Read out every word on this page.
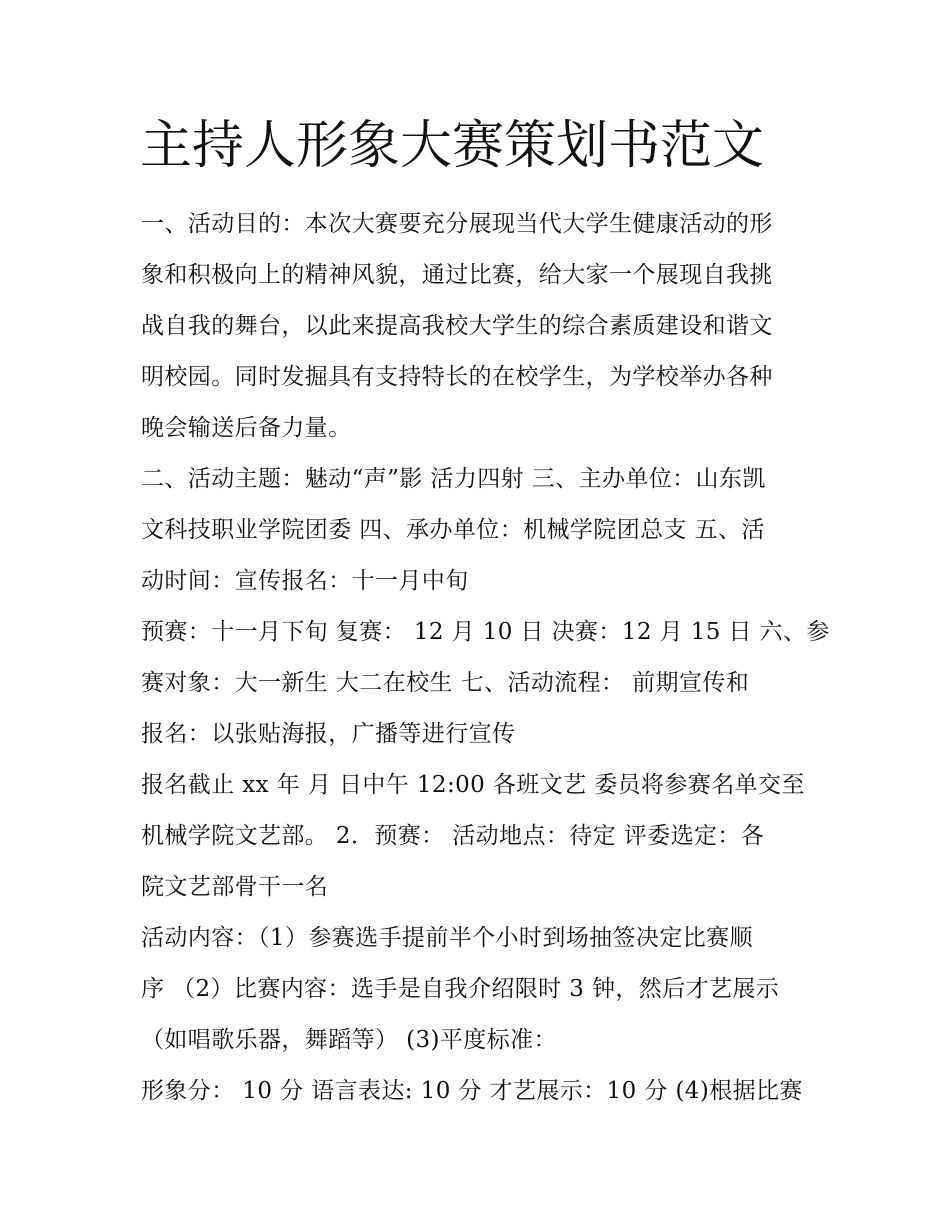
主持人形象大赛策划书范文

一、活动目的：本次大赛要充分展现当代大学生健康活动的形

象和积极向上的精神风貌，通过比赛，给大家一个展现自我挑

战自我的舞台，以此来提高我校大学生的综合素质建设和谐文

明校园。同时发掘具有支持特长的在校学生，为学校举办各种

晚会输送后备力量。

二、活动主题：魅动“声”影 活力四射 三、主办单位：山东凯

文科技职业学院团委 四、承办单位：机械学院团总支 五、活

动时间：宣传报名：十一月中旬

预赛：十一月下旬 复赛： 12 月 10 日 决赛：12 月 15 日 六、参

赛对象：大一新生 大二在校生 七、活动流程： 前期宣传和

报名：以张贴海报，广播等进行宣传

报名截止 xx 年 月 日中午 12:00 各班文艺 委员将参赛名单交至

机械学院文艺部。 2．预赛： 活动地点：待定 评委选定：各

院文艺部骨干一名

活动内容：（1）参赛选手提前半个小时到场抽签决定比赛顺

序 （2）比赛内容：选手是自我介绍限时 3 钟，然后才艺展示

（如唱歌乐器，舞蹈等） (3)平度标准：

形象分： 10 分 语言表达: 10 分 才艺展示：10 分 (4)根据比赛
